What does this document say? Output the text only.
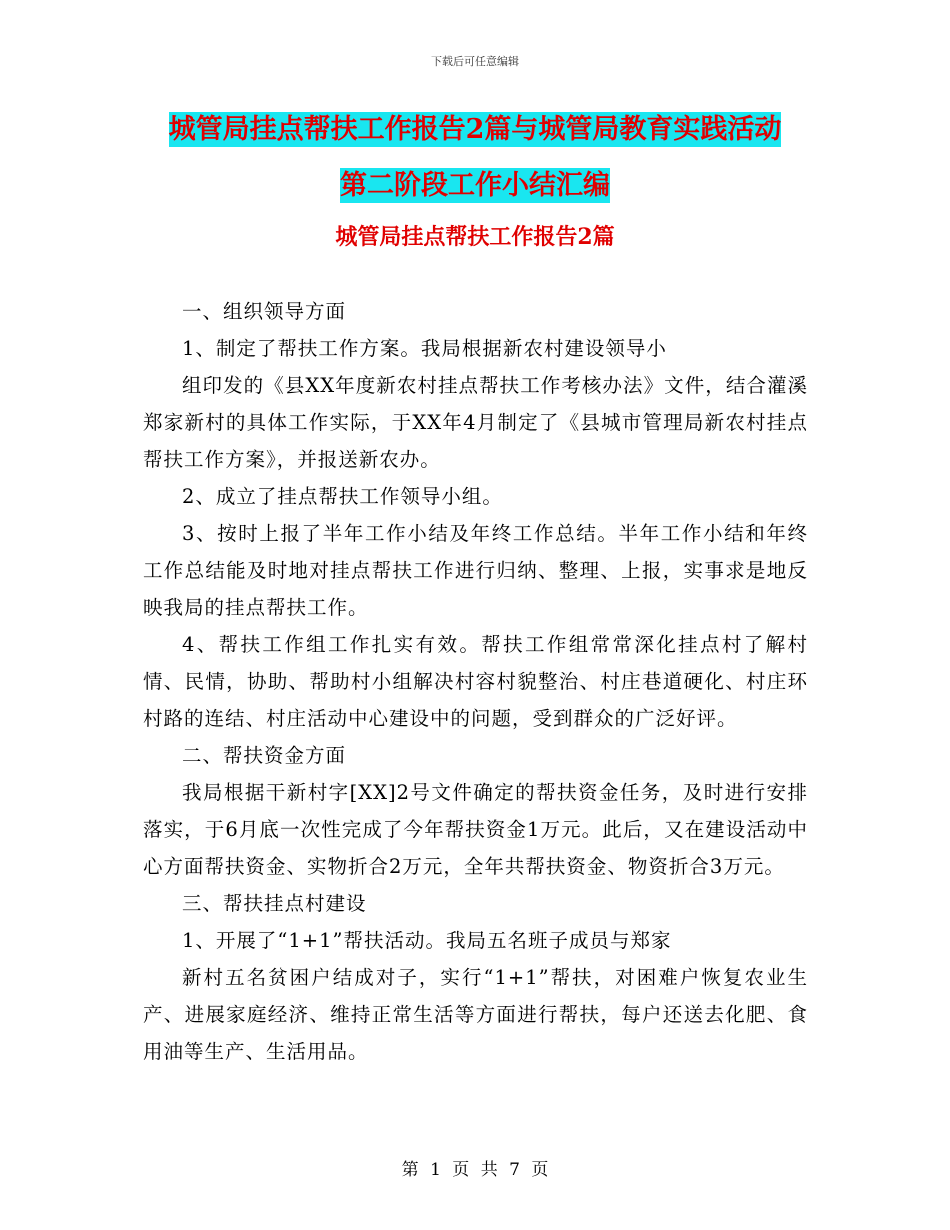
下载后可任意编辑
城管局挂点帮扶工作报告2篇与城管局教育实践活动
第二阶段工作小结汇编
城管局挂点帮扶工作报告2篇

一、组织领导方面

1、制定了帮扶工作方案。我局根据新农村建设领导小

组印发的《县XX年度新农村挂点帮扶工作考核办法》文件，结合灌溪郑家新村的具体工作实际，于XX年4月制定了《县城市管理局新农村挂点帮扶工作方案》，并报送新农办。

2、成立了挂点帮扶工作领导小组。

3、按时上报了半年工作小结及年终工作总结。半年工作小结和年终工作总结能及时地对挂点帮扶工作进行归纳、整理、上报，实事求是地反映我局的挂点帮扶工作。

4、帮扶工作组工作扎实有效。帮扶工作组常常深化挂点村了解村情、民情，协助、帮助村小组解决村容村貌整治、村庄巷道硬化、村庄环村路的连结、村庄活动中心建设中的问题，受到群众的广泛好评。

二、帮扶资金方面

我局根据干新村字[XX]2号文件确定的帮扶资金任务，及时进行安排落实，于6月底一次性完成了今年帮扶资金1万元。此后，又在建设活动中心方面帮扶资金、实物折合2万元，全年共帮扶资金、物资折合3万元。

三、帮扶挂点村建设

1、开展了“1+1”帮扶活动。我局五名班子成员与郑家

新村五名贫困户结成对子，实行“1+1”帮扶，对困难户恢复农业生产、进展家庭经济、维持正常生活等方面进行帮扶，每户还送去化肥、食用油等生产、生活用品。

第 1 页 共 7 页
